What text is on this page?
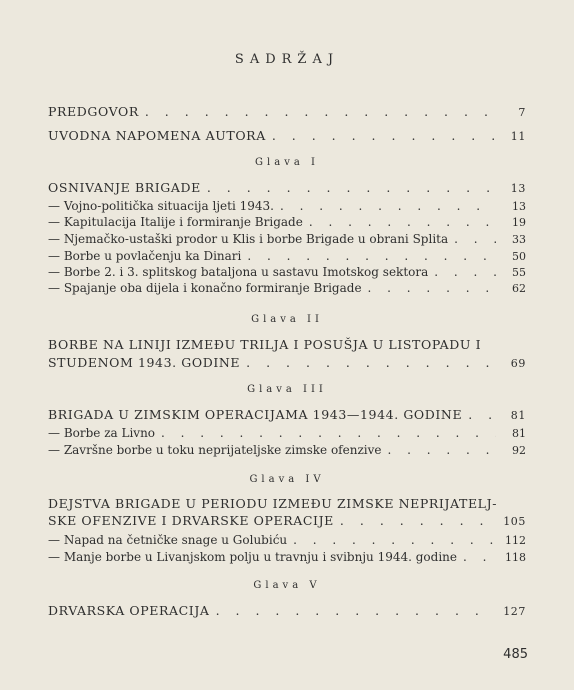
SADRŽAJ
PREDGOVOR . . .	7
UVODNA NAPOMENA AUTORA . . .	11
Glava I
OSNIVANJE BRIGADE . . .	13
— Vojno-politička situacija ljeti 1943. . . .	13
— Kapitulacija Italije i formiranje Brigade . . .	19
— Njemačko-ustaški prodor u Klis i borbe Brigade u obrani Splita . . .	33
— Borbe u povlačenju ka Dinari . . .	50
— Borbe 2. i 3. splitskog bataljona u sastavu Imotskog sektora . . .	55
— Spajanje oba dijela i konačno formiranje Brigade . . .	62
Glava II
BORBE NA LINIJI IZMEĐU TRILJA I POSUŠJA U LISTOPADU I
STUDENOM 1943. GODINE . . .	69
Glava III
BRIGADA U ZIMSKIM OPERACIJAMA 1943—1944. GODINE . . .	81
— Borbe za Livno . . .	81
— Završne borbe u toku neprijateljske zimske ofenzive . . .	92
Glava IV
DEJSTVA BRIGADE U PERIODU IZMEĐU ZIMSKE NEPRIJATELJ-
SKE OFENZIVE I DRVARSKE OPERACIJE . . .	105
— Napad na četničke snage u Golubiću . . .	112
— Manje borbe u Livanjskom polju u travnju i svibnju 1944. godine . . .	118
Glava V
DRVARSKA OPERACIJA . . .	127
485
